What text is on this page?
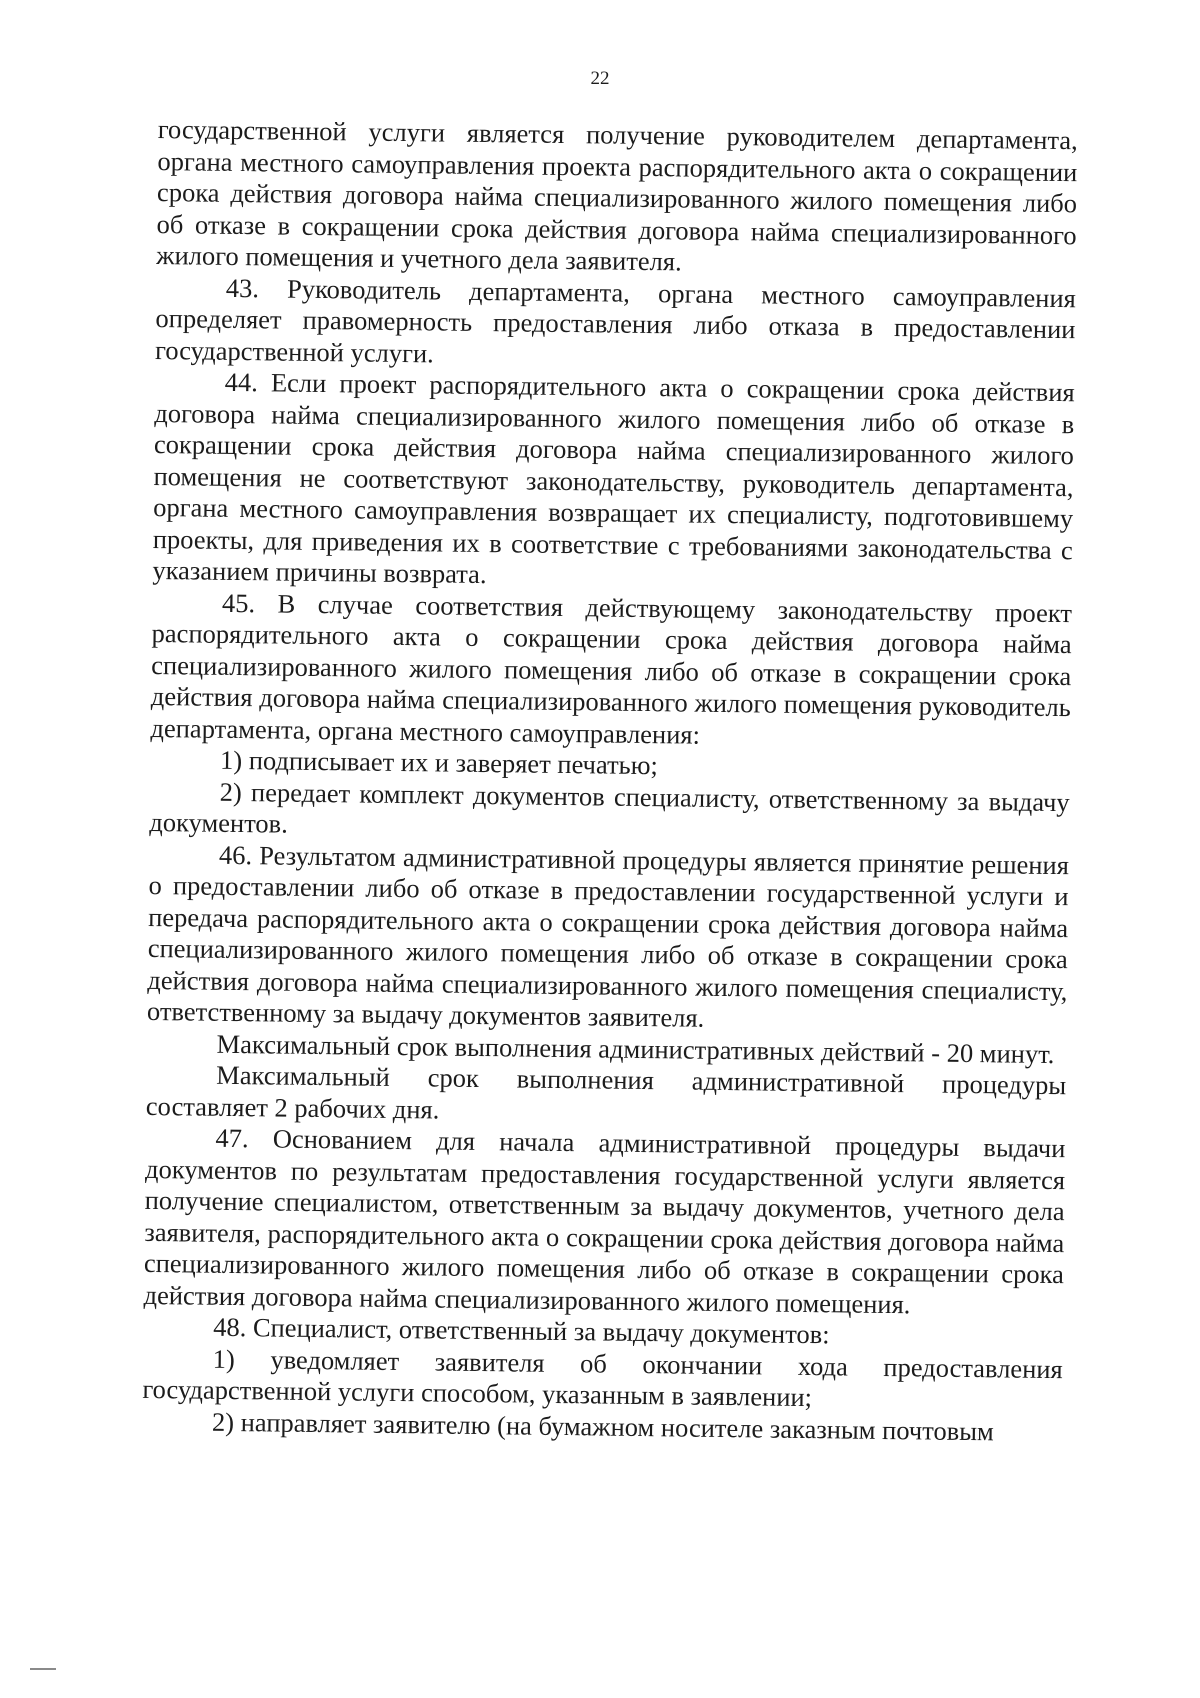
22

государственной услуги является получение руководителем департамента, органа местного самоуправления проекта распорядительного акта о сокращении срока действия договора найма специализированного жилого помещения либо об отказе в сокращении срока действия договора найма специализированного жилого помещения и учетного дела заявителя.

43. Руководитель департамента, органа местного самоуправления определяет правомерность предоставления либо отказа в предоставлении государственной услуги.

44. Если проект распорядительного акта о сокращении срока действия договора найма специализированного жилого помещения либо об отказе в сокращении срока действия договора найма специализированного жилого помещения не соответствуют законодательству, руководитель департамента, органа местного самоуправления возвращает их специалисту, подготовившему проекты, для приведения их в соответствие с требованиями законодательства с указанием причины возврата.

45. В случае соответствия действующему законодательству проект распорядительного акта о сокращении срока действия договора найма специализированного жилого помещения либо об отказе в сокращении срока действия договора найма специализированного жилого помещения руководитель департамента, органа местного самоуправления:

1) подписывает их и заверяет печатью;

2) передает комплект документов специалисту, ответственному за выдачу документов.

46. Результатом административной процедуры является принятие решения о предоставлении либо об отказе в предоставлении государственной услуги и передача распорядительного акта о сокращении срока действия договора найма специализированного жилого помещения либо об отказе в сокращении срока действия договора найма специализированного жилого помещения специалисту, ответственному за выдачу документов заявителя.

Максимальный срок выполнения административных действий - 20 минут.

Максимальный срок выполнения административной процедуры составляет 2 рабочих дня.

47. Основанием для начала административной процедуры выдачи документов по результатам предоставления государственной услуги является получение специалистом, ответственным за выдачу документов, учетного дела заявителя, распорядительного акта о сокращении срока действия договора найма специализированного жилого помещения либо об отказе в сокращении срока действия договора найма специализированного жилого помещения.

48. Специалист, ответственный за выдачу документов:

1) уведомляет заявителя об окончании хода предоставления государственной услуги способом, указанным в заявлении;

2) направляет заявителю (на бумажном носителе заказным почтовым
